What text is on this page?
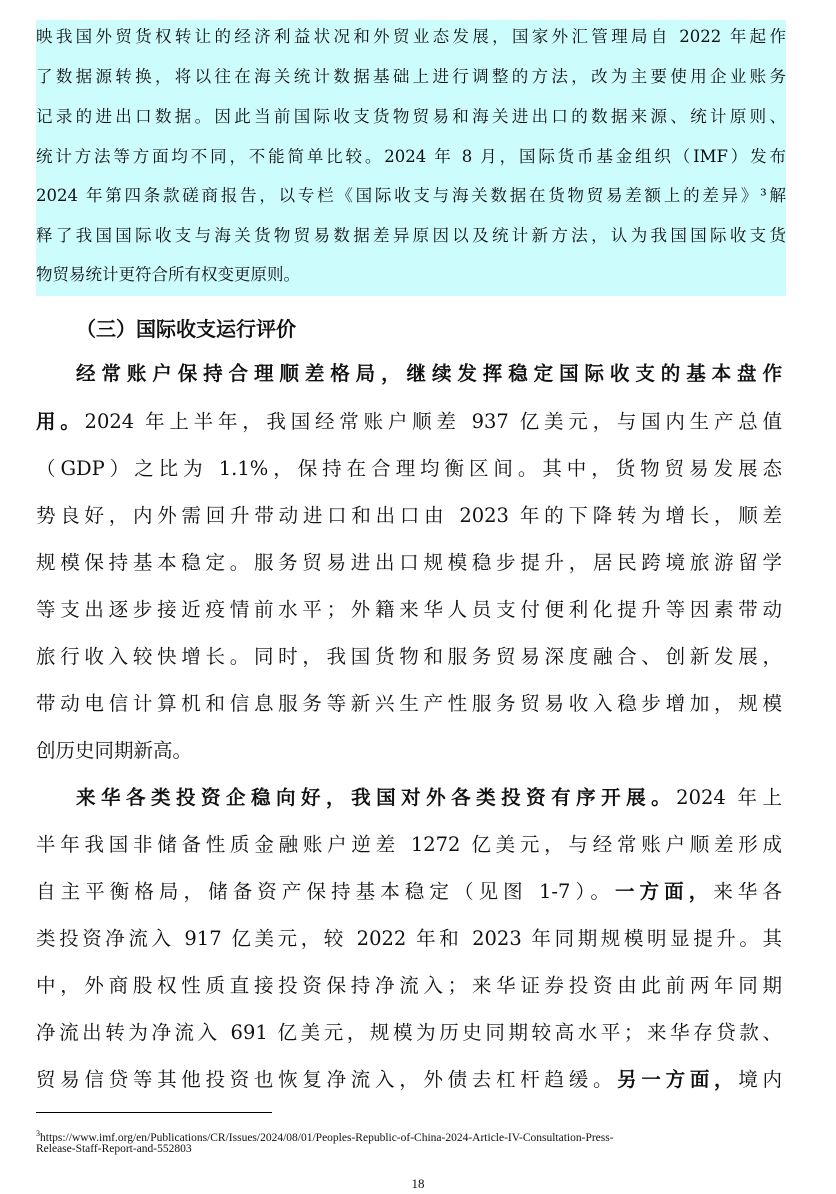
映我国外贸货权转让的经济利益状况和外贸业态发展，国家外汇管理局自 2022 年起作
了数据源转换，将以往在海关统计数据基础上进行调整的方法，改为主要使用企业账务
记录的进出口数据。因此当前国际收支货物贸易和海关进出口的数据来源、统计原则、
统计方法等方面均不同，不能简单比较。2024 年 8 月，国际货币基金组织（IMF）发布
2024 年第四条款磋商报告，以专栏《国际收支与海关数据在货物贸易差额上的差异》³解
释了我国国际收支与海关货物贸易数据差异原因以及统计新方法，认为我国国际收支货
物贸易统计更符合所有权变更原则。
（三）国际收支运行评价
经常账户保持合理顺差格局，继续发挥稳定国际收支的基本盘作
用。2024 年上半年，我国经常账户顺差 937 亿美元，与国内生产总值
（GDP）之比为 1.1%，保持在合理均衡区间。其中，货物贸易发展态
势良好，内外需回升带动进口和出口由 2023 年的下降转为增长，顺差
规模保持基本稳定。服务贸易进出口规模稳步提升，居民跨境旅游留学
等支出逐步接近疫情前水平；外籍来华人员支付便利化提升等因素带动
旅行收入较快增长。同时，我国货物和服务贸易深度融合、创新发展，
带动电信计算机和信息服务等新兴生产性服务贸易收入稳步增加，规模
创历史同期新高。
来华各类投资企稳向好，我国对外各类投资有序开展。2024 年上
半年我国非储备性质金融账户逆差 1272 亿美元，与经常账户顺差形成
自主平衡格局，储备资产保持基本稳定（见图 1-7）。一方面，来华各
类投资净流入 917 亿美元，较 2022 年和 2023 年同期规模明显提升。其
中，外商股权性质直接投资保持净流入；来华证券投资由此前两年同期
净流出转为净流入 691 亿美元，规模为历史同期较高水平；来华存贷款、
贸易信贷等其他投资也恢复净流入，外债去杠杆趋缓。另一方面，境内
$^3$https://www.imf.org/en/Publications/CR/Issues/2024/08/01/Peoples-Republic-of-China-2024-Article-IV-Consultation-Press-
Release-Staff-Report-and-552803
18
